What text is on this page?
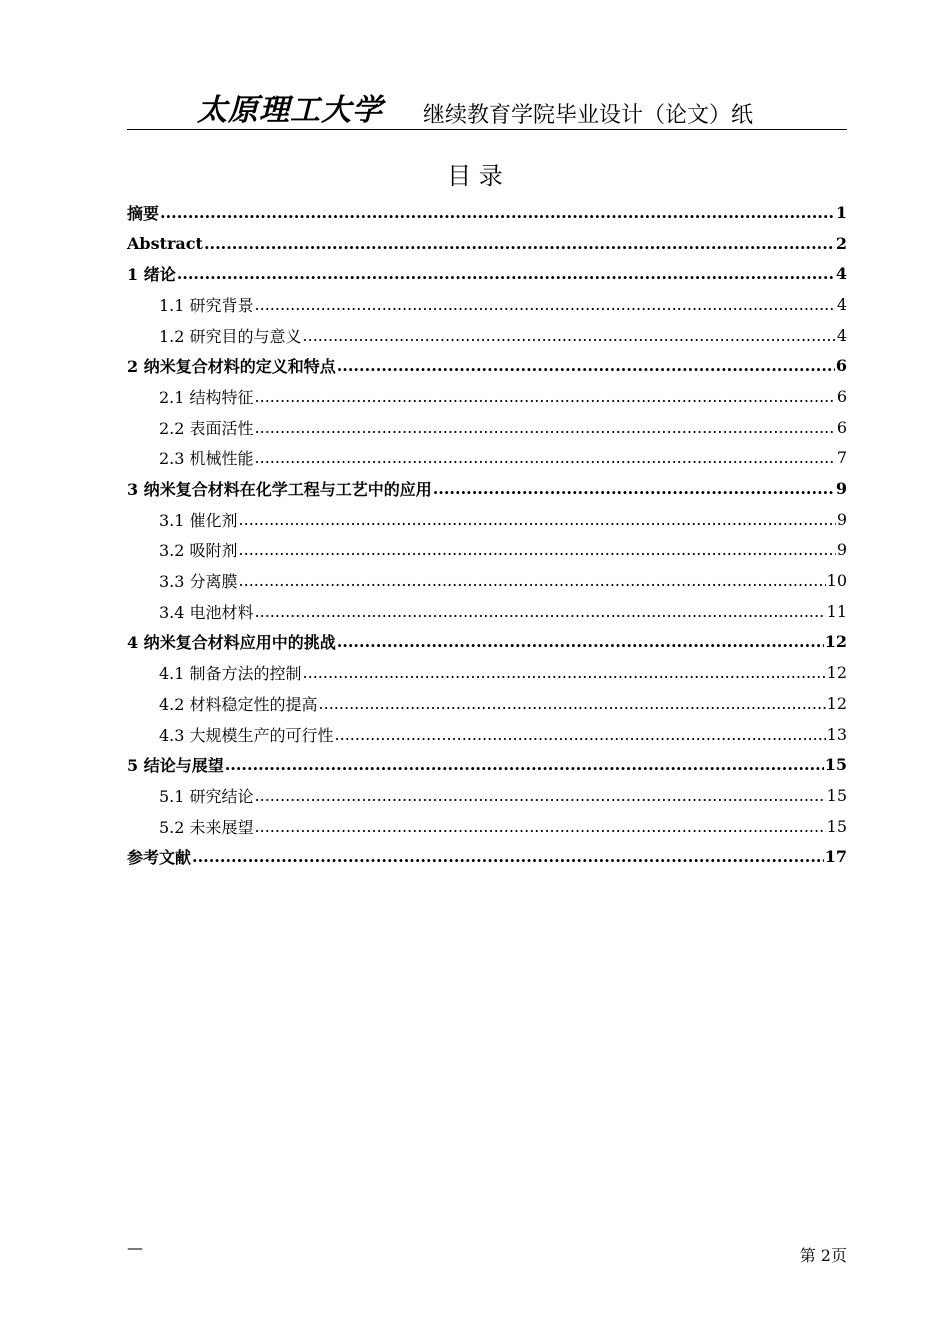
太原理工大学 继续教育学院毕业设计（论文）纸
目 录
摘要 .....	1
Abstract .....	2
1 绪论 .....	4
1.1 研究背景 .....	4
1.2 研究目的与意义 .....	4
2 纳米复合材料的定义和特点 .....	6
2.1 结构特征 .....	6
2.2 表面活性 .....	6
2.3 机械性能 .....	7
3 纳米复合材料在化学工程与工艺中的应用 .....	9
3.1 催化剂 .....	9
3.2 吸附剂 .....	9
3.3 分离膜 .....	10
3.4 电池材料 .....	11
4 纳米复合材料应用中的挑战 .....	12
4.1 制备方法的控制 .....	12
4.2 材料稳定性的提高 .....	12
4.3 大规模生产的可行性 .....	13
5 结论与展望 .....	15
5.1 研究结论 .....	15
5.2 未来展望 .....	15
参考文献 .....	17
—	第 2页
